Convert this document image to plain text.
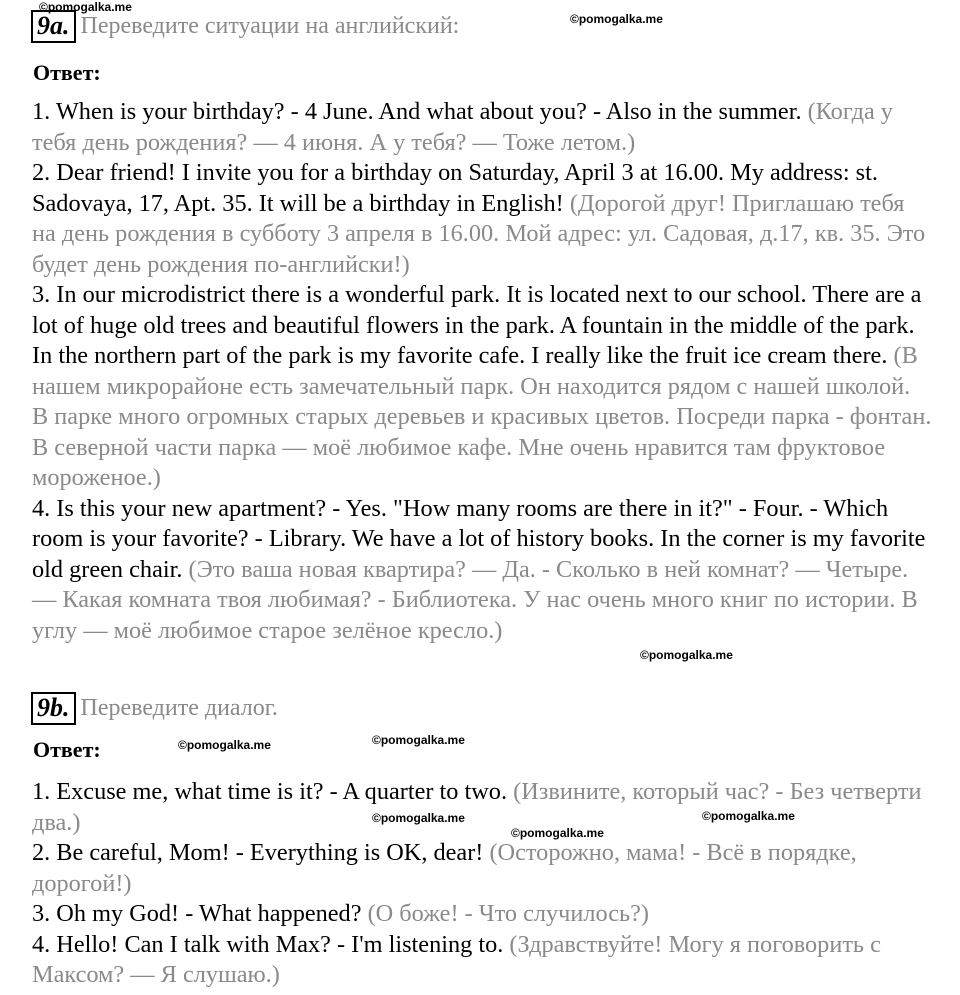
©pomogalka.me
©pomogalka.me
©pomogalka.me
©pomogalka.me	©pomogalka.me
©pomogalka.me	©pomogalka.me
©pomogalka.me
9a. Переведите ситуации на английский:
Ответ:

1. When is your birthday? - 4 June. And what about you? - Also in the summer. (Когда у тебя день рождения? — 4 июня. А у тебя? — Тоже летом.)

2. Dear friend! I invite you for a birthday on Saturday, April 3 at 16.00. My address: st. Sadovaya, 17, Apt. 35. It will be a birthday in English! (Дорогой друг! Приглашаю тебя на день рождения в субботу 3 апреля в 16.00. Мой адрес: ул. Садовая, д.17, кв. 35. Это будет день рождения по-английски!)

3. In our microdistrict there is a wonderful park. It is located next to our school. There are a lot of huge old trees and beautiful flowers in the park. A fountain in the middle of the park. In the northern part of the park is my favorite cafe. I really like the fruit ice cream there. (В нашем микрорайоне есть замечательный парк. Он находится рядом с нашей школой. В парке много огромных старых деревьев и красивых цветов. Посреди парка - фонтан. В северной части парка — моё любимое кафе. Мне очень нравится там фруктовое мороженое.)

4. Is this your new apartment? - Yes. "How many rooms are there in it?" - Four. - Which room is your favorite? - Library. We have a lot of history books. In the corner is my favorite old green chair. (Это ваша новая квартира? — Да. - Сколько в ней комнат? — Четыре. — Какая комната твоя любимая? - Библиотека. У нас очень много книг по истории. В углу — моё любимое старое зелёное кресло.)

9b. Переведите диалог.
Ответ:

1. Excuse me, what time is it? - A quarter to two. (Извините, который час? - Без четверти два.)

2. Be careful, Mom! - Everything is OK, dear! (Осторожно, мама! - Всё в порядке, дорогой!)

3. Oh my God! - What happened? (О боже! - Что случилось?)

4. Hello! Can I talk with Max? - I'm listening to. (Здравствуйте! Могу я поговорить с Максом? — Я слушаю.)
